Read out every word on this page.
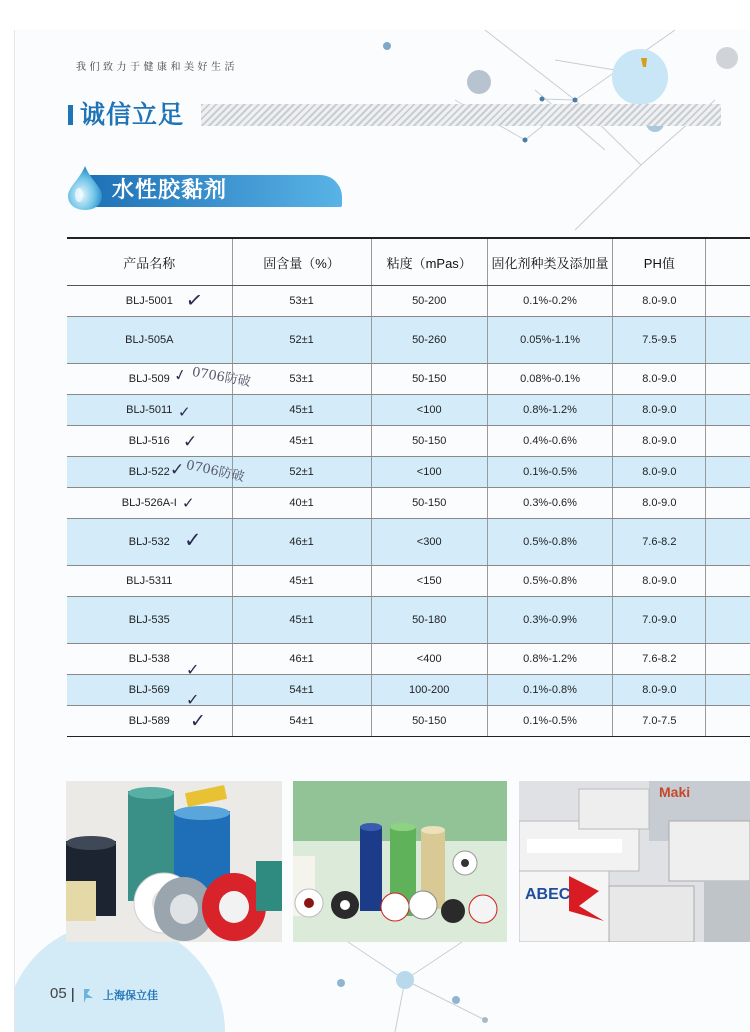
我们致力于健康和美好生活
诚信立足
水性胶黏剂
产品名称	固含量（%）	粘度（mPas）	固化剂种类及添加量	PH值	
BLJ-5001	53±1	50-200	0.1%-0.2%	8.0-9.0	
BLJ-505A	52±1	50-260	0.05%-1.1%	7.5-9.5	
BLJ-509	53±1	50-150	0.08%-0.1%	8.0-9.0	
BLJ-5011	45±1	<100	0.8%-1.2%	8.0-9.0	
BLJ-516	45±1	50-150	0.4%-0.6%	8.0-9.0	
BLJ-522	52±1	<100	0.1%-0.5%	8.0-9.0	
BLJ-526A-I	40±1	50-150	0.3%-0.6%	8.0-9.0	
BLJ-532	46±1	<300	0.5%-0.8%	7.6-8.2	
BLJ-5311	45±1	<150	0.5%-0.8%	8.0-9.0	
BLJ-535	45±1	50-180	0.3%-0.9%	7.0-9.0	
BLJ-538	46±1	<400	0.8%-1.2%	7.6-8.2	
BLJ-569	54±1	100-200	0.1%-0.8%	8.0-9.0	
BLJ-589	54±1	50-150	0.1%-0.5%	7.0-7.5	
✓
✓ 0706防破
✓
✓
✓ 0706防破
✓
✓
✓
✓
✓
Maki
ABEC
05	上海保立佳
